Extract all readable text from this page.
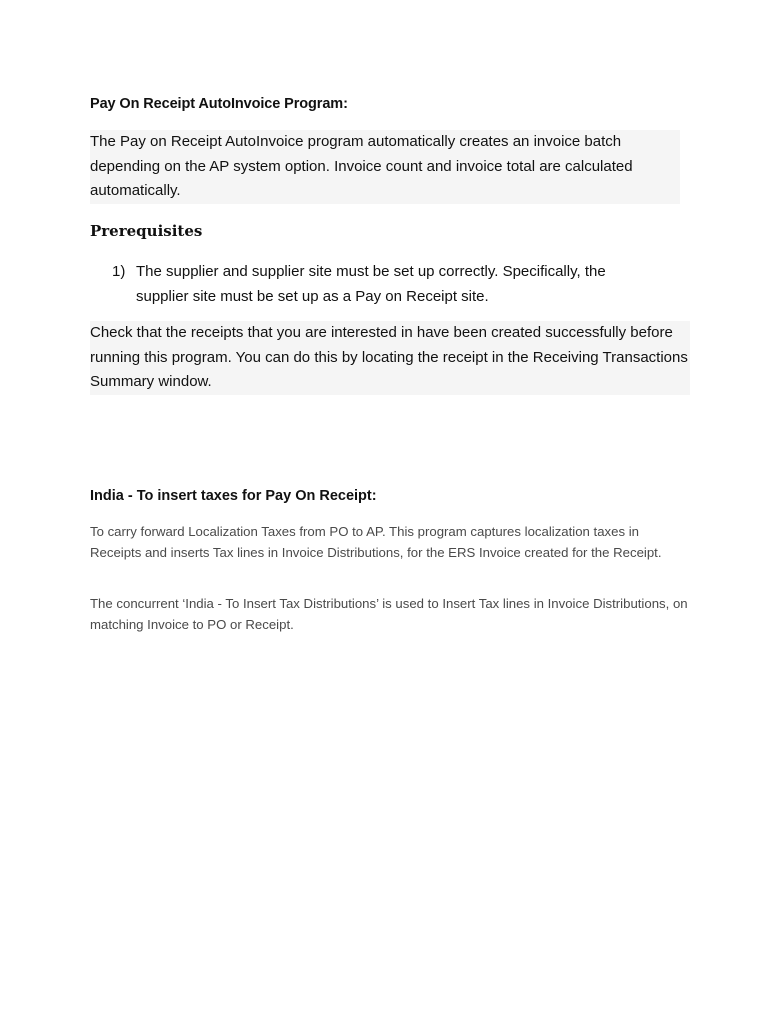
Pay On Receipt AutoInvoice Program:
The Pay on Receipt AutoInvoice program automatically creates an invoice batch depending on the AP system option. Invoice count and invoice total are calculated automatically.
Prerequisites
1) The supplier and supplier site must be set up correctly. Specifically, the supplier site must be set up as a Pay on Receipt site.
Check that the receipts that you are interested in have been created successfully before running this program. You can do this by locating the receipt in the Receiving Transactions Summary window.
India - To insert taxes for Pay On Receipt:
To carry forward Localization Taxes from PO to AP. This program captures localization taxes in Receipts and inserts Tax lines in Invoice Distributions, for the ERS Invoice created for the Receipt.
The concurrent ‘India - To Insert Tax Distributions’ is used to Insert Tax lines in Invoice Distributions, on matching Invoice to PO or Receipt.
